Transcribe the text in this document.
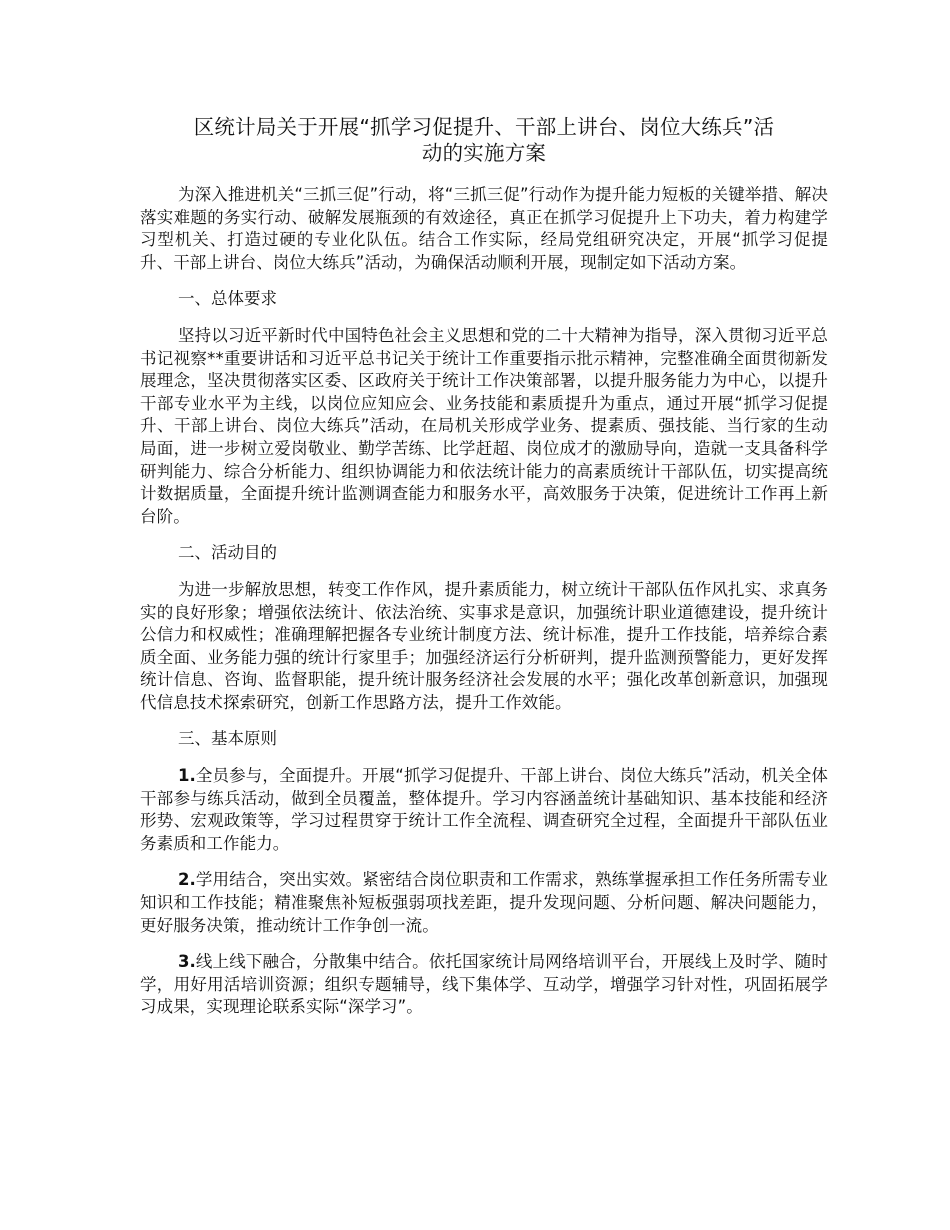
区统计局关于开展“抓学习促提升、干部上讲台、岗位大练兵”活
动的实施方案

为深入推进机关“三抓三促”行动，将“三抓三促”行动作为提升能力短板的关键举措、解决落实难题的务实行动、破解发展瓶颈的有效途径，真正在抓学习促提升上下功夫，着力构建学习型机关、打造过硬的专业化队伍。结合工作实际，经局党组研究决定，开展“抓学习促提升、干部上讲台、岗位大练兵”活动，为确保活动顺利开展，现制定如下活动方案。

一、总体要求

坚持以习近平新时代中国特色社会主义思想和党的二十大精神为指导，深入贯彻习近平总书记视察**重要讲话和习近平总书记关于统计工作重要指示批示精神，完整准确全面贯彻新发展理念，坚决贯彻落实区委、区政府关于统计工作决策部署，以提升服务能力为中心，以提升干部专业水平为主线，以岗位应知应会、业务技能和素质提升为重点，通过开展“抓学习促提升、干部上讲台、岗位大练兵”活动，在局机关形成学业务、提素质、强技能、当行家的生动局面，进一步树立爱岗敬业、勤学苦练、比学赶超、岗位成才的激励导向，造就一支具备科学研判能力、综合分析能力、组织协调能力和依法统计能力的高素质统计干部队伍，切实提高统计数据质量，全面提升统计监测调查能力和服务水平，高效服务于决策，促进统计工作再上新台阶。

二、活动目的

为进一步解放思想，转变工作作风，提升素质能力，树立统计干部队伍作风扎实、求真务实的良好形象；增强依法统计、依法治统、实事求是意识，加强统计职业道德建设，提升统计公信力和权威性；准确理解把握各专业统计制度方法、统计标准，提升工作技能，培养综合素质全面、业务能力强的统计行家里手；加强经济运行分析研判，提升监测预警能力，更好发挥统计信息、咨询、监督职能，提升统计服务经济社会发展的水平；强化改革创新意识，加强现代信息技术探索研究，创新工作思路方法，提升工作效能。

三、基本原则

1.全员参与，全面提升。开展“抓学习促提升、干部上讲台、岗位大练兵”活动，机关全体干部参与练兵活动，做到全员覆盖，整体提升。学习内容涵盖统计基础知识、基本技能和经济形势、宏观政策等，学习过程贯穿于统计工作全流程、调查研究全过程，全面提升干部队伍业务素质和工作能力。

2.学用结合，突出实效。紧密结合岗位职责和工作需求，熟练掌握承担工作任务所需专业知识和工作技能；精准聚焦补短板强弱项找差距，提升发现问题、分析问题、解决问题能力，更好服务决策，推动统计工作争创一流。

3.线上线下融合，分散集中结合。依托国家统计局网络培训平台，开展线上及时学、随时学，用好用活培训资源；组织专题辅导，线下集体学、互动学，增强学习针对性，巩固拓展学习成果，实现理论联系实际“深学习”。
